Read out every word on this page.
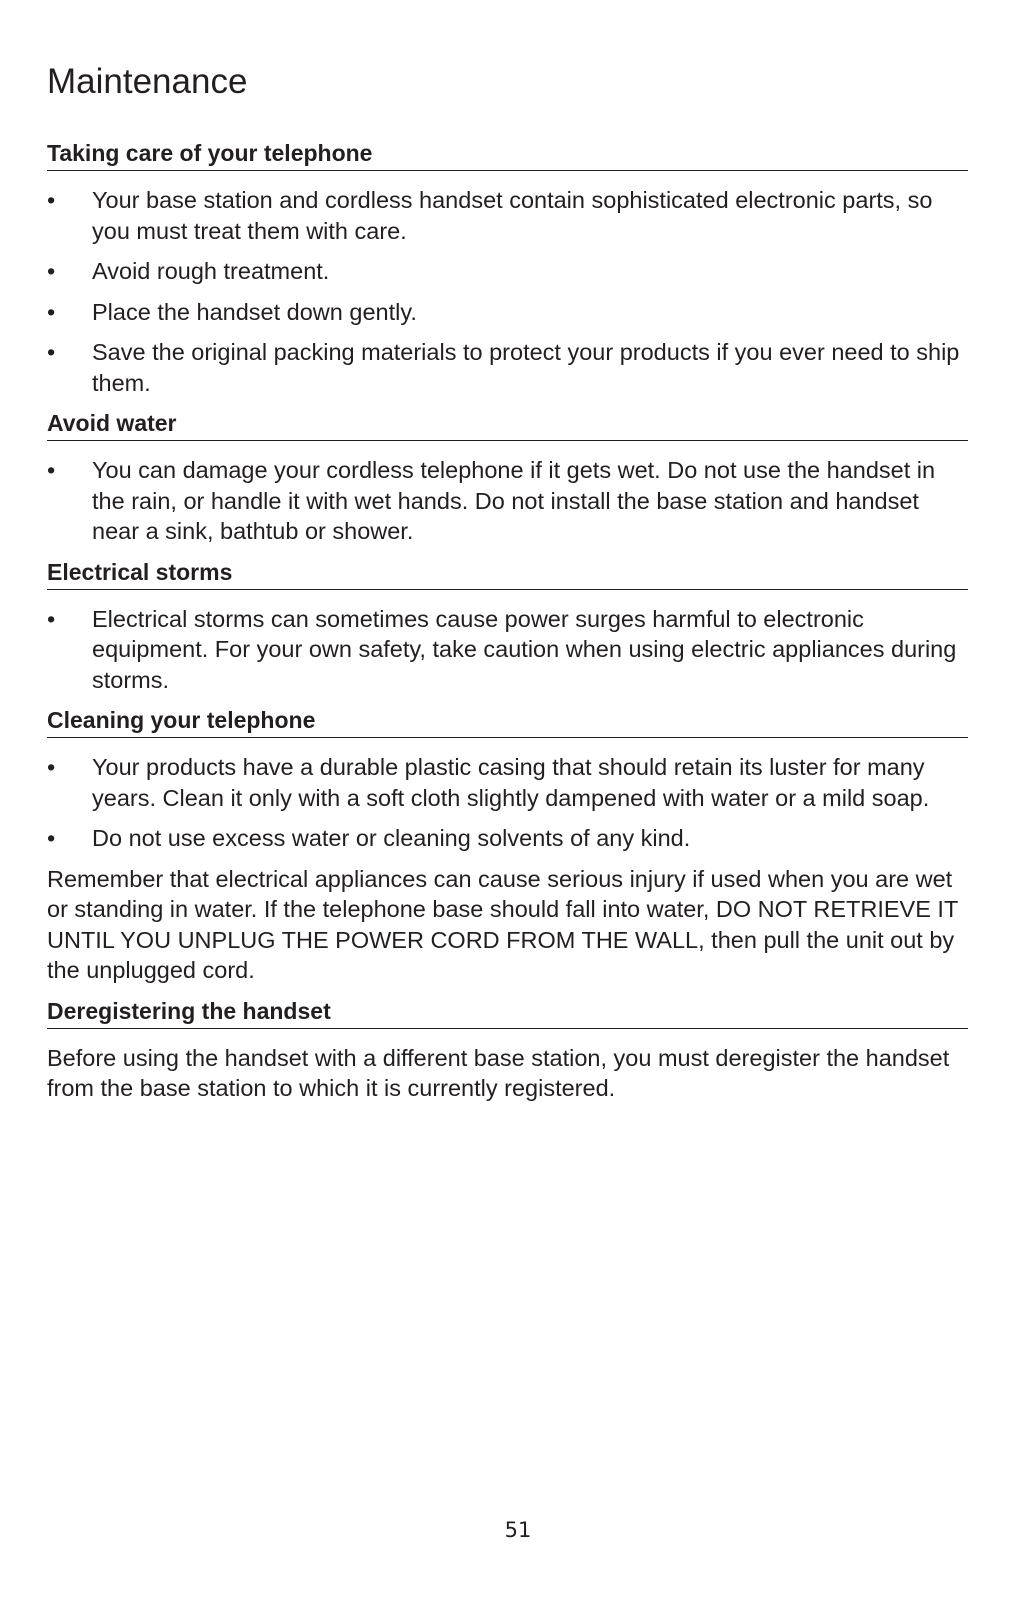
Maintenance
Taking care of your telephone
•	Your base station and cordless handset contain sophisticated electronic parts, so you must treat them with care.
•	Avoid rough treatment.
•	Place the handset down gently.
•	Save the original packing materials to protect your products if you ever need to ship them.
Avoid water
•	You can damage your cordless telephone if it gets wet. Do not use the handset in the rain, or handle it with wet hands. Do not install the base station and handset near a sink, bathtub or shower.
Electrical storms
•	Electrical storms can sometimes cause power surges harmful to electronic equipment. For your own safety, take caution when using electric appliances during storms.
Cleaning your telephone
•	Your products have a durable plastic casing that should retain its luster for many years. Clean it only with a soft cloth slightly dampened with water or a mild soap.
•	Do not use excess water or cleaning solvents of any kind.

Remember that electrical appliances can cause serious injury if used when you are wet or standing in water. If the telephone base should fall into water, DO NOT RETRIEVE IT UNTIL YOU UNPLUG THE POWER CORD FROM THE WALL, then pull the unit out by the unplugged cord.

Deregistering the handset

Before using the handset with a different base station, you must deregister the handset from the base station to which it is currently registered.

51
